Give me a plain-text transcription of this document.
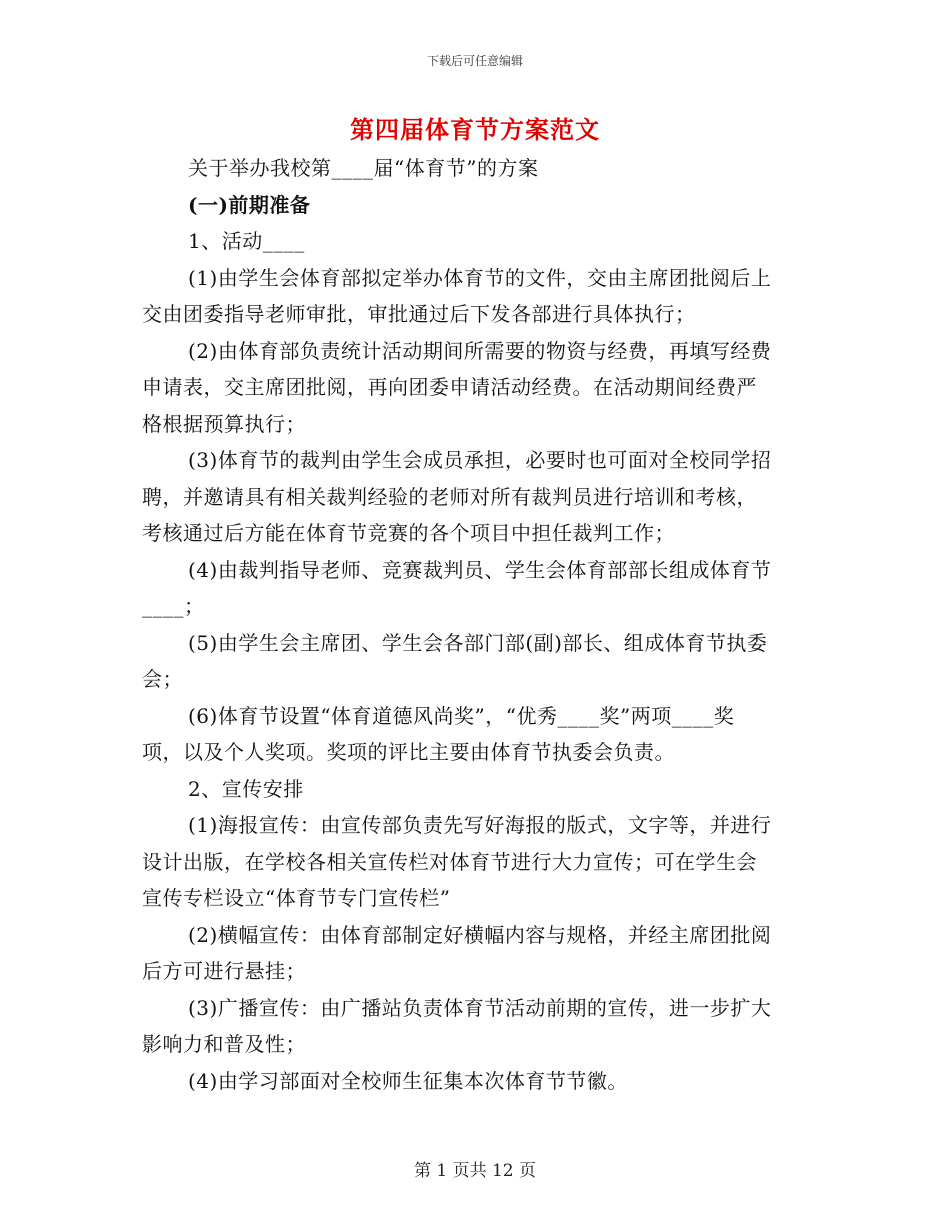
下载后可任意编辑
第四届体育节方案范文
关于举办我校第____届“体育节”的方案
(一)前期准备
1、活动____
(1)由学生会体育部拟定举办体育节的文件，交由主席团批阅后上
交由团委指导老师审批，审批通过后下发各部进行具体执行；
(2)由体育部负责统计活动期间所需要的物资与经费，再填写经费
申请表，交主席团批阅，再向团委申请活动经费。在活动期间经费严
格根据预算执行；
(3)体育节的裁判由学生会成员承担，必要时也可面对全校同学招
聘，并邀请具有相关裁判经验的老师对所有裁判员进行培训和考核，
考核通过后方能在体育节竞赛的各个项目中担任裁判工作；
(4)由裁判指导老师、竞赛裁判员、学生会体育部部长组成体育节
____；
(5)由学生会主席团、学生会各部门部(副)部长、组成体育节执委
会；
(6)体育节设置“体育道德风尚奖”，“优秀____奖”两项____奖
项，以及个人奖项。奖项的评比主要由体育节执委会负责。
2、宣传安排
(1)海报宣传：由宣传部负责先写好海报的版式，文字等，并进行
设计出版，在学校各相关宣传栏对体育节进行大力宣传；可在学生会
宣传专栏设立“体育节专门宣传栏”
(2)横幅宣传：由体育部制定好横幅内容与规格，并经主席团批阅
后方可进行悬挂；
(3)广播宣传：由广播站负责体育节活动前期的宣传，进一步扩大
影响力和普及性；
(4)由学习部面对全校师生征集本次体育节节徽。
第 1 页共 12 页
